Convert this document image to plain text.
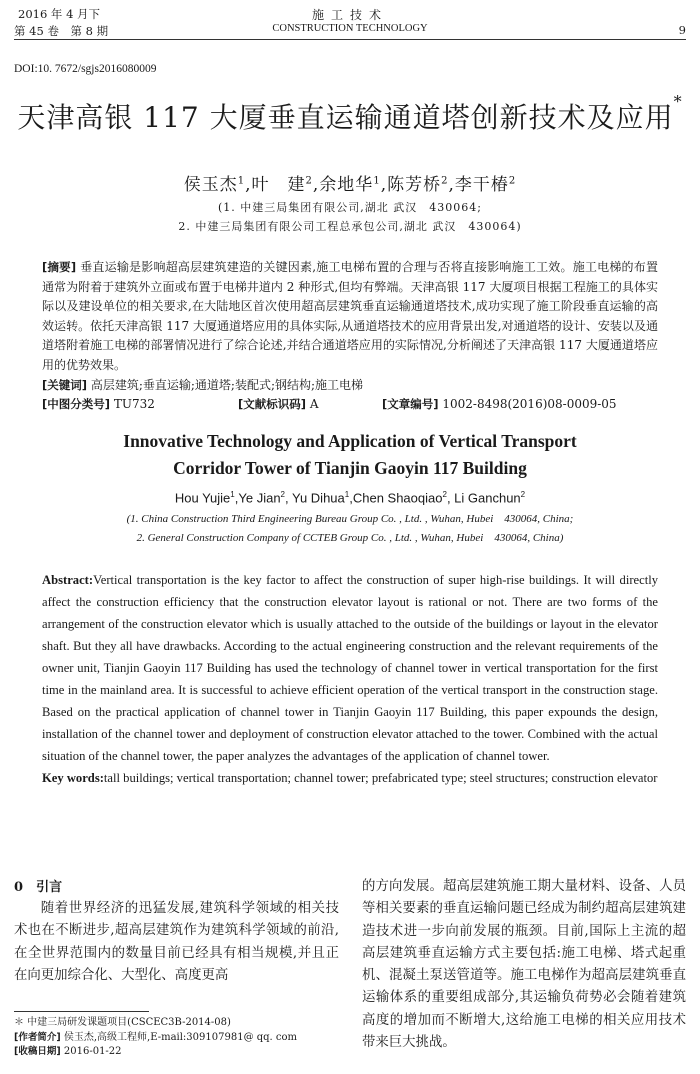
2016 年 4 月下
第 45 卷　第 8 期
施工技术
CONSTRUCTION TECHNOLOGY	9
DOI:10. 7672/sgjs2016080009
天津高银 117 大厦垂直运输通道塔创新技术及应用*
侯玉杰$^1$,叶　建$^2$,余地华$^1$,陈芳桥$^2$,李干椿$^2$
(1. 中建三局集团有限公司,湖北 武汉　430064;
2. 中建三局集团有限公司工程总承包公司,湖北 武汉　430064)
[摘要] 垂直运输是影响超高层建筑建造的关键因素,施工电梯布置的合理与否将直接影响施工工效。施工电梯的布置通常为附着于建筑外立面或布置于电梯井道内 2 种形式,但均有弊端。天津高银 117 大厦项目根据工程施工的具体实际以及建设单位的相关要求,在大陆地区首次使用超高层建筑垂直运输通道塔技术,成功实现了施工阶段垂直运输的高效运转。依托天津高银 117 大厦通道塔应用的具体实际,从通道塔技术的应用背景出发,对通道塔的设计、安装以及通道塔附着施工电梯的部署情况进行了综合论述,并结合通道塔应用的实际情况,分析阐述了天津高银 117 大厦通道塔应用的优势效果。
[关键词] 高层建筑;垂直运输;通道塔;装配式;钢结构;施工电梯
[中图分类号] TU732	[文献标识码] A	[文章编号] 1002-8498(2016)08-0009-05
Innovative Technology and Application of Vertical Transport
Corridor Tower of Tianjin Gaoyin 117 Building
Hou Yujie$^1$,Ye Jian$^2$, Yu Dihua$^1$,Chen Shaoqiao$^2$, Li Ganchun$^2$
(1. China Construction Third Engineering Bureau Group Co. , Ltd. , Wuhan, Hubei　430064, China;
2. General Construction Company of CCTEB Group Co. , Ltd. , Wuhan, Hubei　430064, China)
Abstract:Vertical transportation is the key factor to affect the construction of super high-rise buildings. It will directly affect the construction efficiency that the construction elevator layout is rational or not. There are two forms of the arrangement of the construction elevator which is usually attached to the outside of the buildings or layout in the elevator shaft. But they all have drawbacks. According to the actual engineering construction and the relevant requirements of the owner unit, Tianjin Gaoyin 117 Building has used the technology of channel tower in vertical transportation for the first time in the mainland area. It is successful to achieve efficient operation of the vertical transport in the construction stage. Based on the practical application of channel tower in Tianjin Gaoyin 117 Building, this paper expounds the design, installation of the channel tower and deployment of construction elevator attached to the tower. Combined with the actual situation of the channel tower, the paper analyzes the advantages of the application of channel tower.
Key words:tall buildings; vertical transportation; channel tower; prefabricated type; steel structures; construction elevator
0　 引言
随着世界经济的迅猛发展,建筑科学领域的相关技术也在不断进步,超高层建筑作为建筑科学领域的前沿,在全世界范围内的数量目前已经具有相当规模,并且正在向更加综合化、大型化、高度更高
的方向发展。超高层建筑施工期大量材料、设备、人员等相关要素的垂直运输问题已经成为制约超高层建筑建造技术进一步向前发展的瓶颈。目前,国际上主流的超高层建筑垂直运输方式主要包括:施工电梯、塔式起重机、混凝土泵送管道等。施工电梯作为超高层建筑垂直运输体系的重要组成部分,其运输负荷势必会随着建筑高度的增加而不断增大,这给施工电梯的相关应用技术带来巨大挑战。
＊ 中建三局研发课题项目(CSCEC3B-2014-08)
[作者简介] 侯玉杰,高级工程师,E-mail:309107981@ qq. com
[收稿日期] 2016-01-22
